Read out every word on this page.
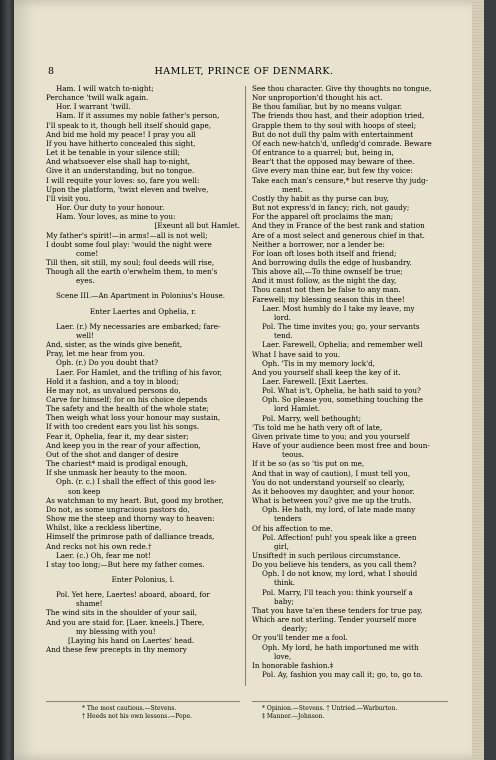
8	HAMLET, PRINCE OF DENMARK.
Ham. I will watch to-night;
Perchance 'twill walk again.
Hor. I warrant 'twill.
Ham. If it assumes my noble father's person,
I'll speak to it, though hell itself should gape,
And bid me hold my peace! I pray you all
If you have hitherto concealed this sight,
Let it be tenable in your silence still;
And whatsoever else shall hap to-night,
Give it an understanding, but no tongue.
I will requite your loves: so, fare you well:
Upon the platform, 'twixt eleven and twelve,
I'll visit you.
Hor. Our duty to your honour.
Ham. Your loves, as mine to you:
[Exeunt all but Hamlet.
My father's spirit!—in arms!—all is not well;
I doubt some foul play: 'would the night were
come!
Till then, sit still, my soul; foul deeds will rise,
Though all the earth o'erwhelm them, to men's
eyes.
Scene III.—An Apartment in Polonius's House.
Enter Laertes and Ophelia, r.
Laer. (r.) My necessaries are embarked; fare-
well!
And, sister, as the winds give benefit,
Pray, let me hear from you.
Oph. (r.) Do you doubt that?
Laer. For Hamlet, and the trifling of his favor,
Hold it a fashion, and a toy in blood;
He may not, as unvalued persons do,
Carve for himself; for on his choice depends
The safety and the health of the whole state;
Then weigh what loss your honour may sustain,
If with too credent ears you list his songs.
Fear it, Ophelia, fear it, my dear sister;
And keep you in the rear of your affection,
Out of the shot and danger of desire
The chariest* maid is prodigal enough,
If she unmask her beauty to the moon.
Oph. (r. c.) I shall the effect of this good les-
son keep
As watchman to my heart. But, good my brother,
Do not, as some ungracious pastors do,
Show me the steep and thorny way to heaven:
Whilst, like a reckless libertine,
Himself the primrose path of dalliance treads,
And recks not his own rede.†
Laer. (c.) Oh, fear me not!
I stay too long;—But here my father comes.
Enter Polonius, l.
Pol. Yet here, Laertes! aboard, aboard, for
shame!
The wind sits in the shoulder of your sail,
And you are staid for. [Laer. kneels.] There,
my blessing with you!
[Laying his hand on Laertes' head.
And these few precepts in thy memory
See thou character. Give thy thoughts no tongue,
Nor unproportion'd thought his act.
Be thou familiar, but by no means vulgar.
The friends thou hast, and their adoption tried,
Grapple them to thy soul with hoops of steel;
But do not dull thy palm with entertainment
Of each new-hatch'd, unfledg'd comrade. Beware
Of entrance to a quarrel; but, being in,
Bear't that the opposed may beware of thee.
Give every man thine ear, but few thy voice:
Take each man's censure,* but reserve thy judg-
ment.
Costly thy habit as thy purse can buy,
But not express'd in fancy; rich, not gaudy;
For the apparel oft proclaims the man;
And they in France of the best rank and station
Are of a most select and generous chief in that.
Neither a borrower, nor a lender be:
For loan oft loses both itself and friend;
And borrowing dulls the edge of husbandry.
This above all,—To thine ownself be true;
And it must follow, as the night the day,
Thou canst not then be false to any man.
Farewell; my blessing season this in thee!
Laer. Most humbly do I take my leave, my
lord.
Pol. The time invites you; go, your servants
tend.
Laer. Farewell, Ophelia; and remember well
What I have said to you.
Oph. 'Tis in my memory lock'd,
And you yourself shall keep the key of it.
Laer. Farewell. [Exit Laertes.
Pol. What is't, Ophelia, he hath said to you?
Oph. So please you, something touching the
lord Hamlet.
Pol. Marry, well bethought;
'Tis told me he hath very oft of late,
Given private time to you; and you yourself
Have of your audience been most free and boun-
teous.
If it be so (as so 'tis put on me,
And that in way of caution), I must tell you,
You do not understand yourself so clearly,
As it behooves my daughter, and your honor.
What is between you? give me up the truth.
Oph. He hath, my lord, of late made many
tenders
Of his affection to me.
Pol. Affection! puh! you speak like a green
girl,
Unsifted† in such perilous circumstance.
Do you believe his tenders, as you call them?
Oph. I do not know, my lord, what I should
think.
Pol. Marry, I'll teach you: think yourself a
baby;
That you have ta'en these tenders for true pay,
Which are not sterling. Tender yourself more
dearly;
Or you'll tender me a fool.
Oph. My lord, he hath importuned me with
love,
In honorable fashion.‡
Pol. Ay, fashion you may call it; go, to, go to.
* The most cautious.—Stevens.
† Heeds not his own lessons.—Pope.
* Opinion.—Stevens. † Untried.—Warburton.
‡ Manner.—Johnson.
